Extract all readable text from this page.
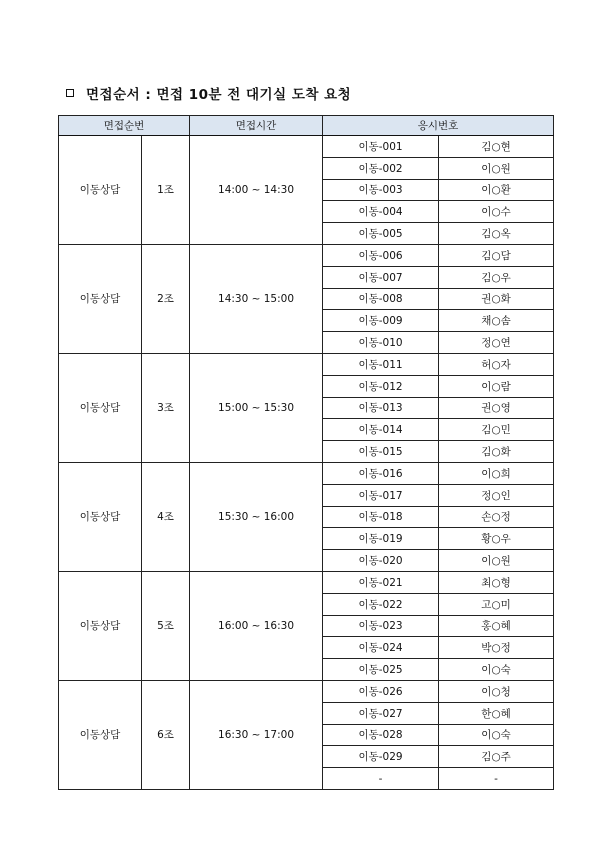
면접순서 : 면접 10분 전 대기실 도착 요청
면접순번		면접시간	응시번호	
이동상담	1조	14:00 ~ 14:30	이동-001	김○현
			이동-002	이○원
			이동-003	이○환
			이동-004	이○수
			이동-005	김○옥
이동상담	2조	14:30 ~ 15:00	이동-006	김○담
			이동-007	김○우
			이동-008	권○화
			이동-009	채○솜
			이동-010	정○연
이동상담	3조	15:00 ~ 15:30	이동-011	허○자
			이동-012	이○람
			이동-013	권○영
			이동-014	김○민
			이동-015	김○화
이동상담	4조	15:30 ~ 16:00	이동-016	이○희
			이동-017	정○인
			이동-018	손○정
			이동-019	황○우
			이동-020	이○원
이동상담	5조	16:00 ~ 16:30	이동-021	최○형
			이동-022	고○미
			이동-023	홍○혜
			이동-024	박○정
			이동-025	이○숙
이동상담	6조	16:30 ~ 17:00	이동-026	이○청
			이동-027	한○혜
			이동-028	이○숙
			이동-029	김○주
			-	-
